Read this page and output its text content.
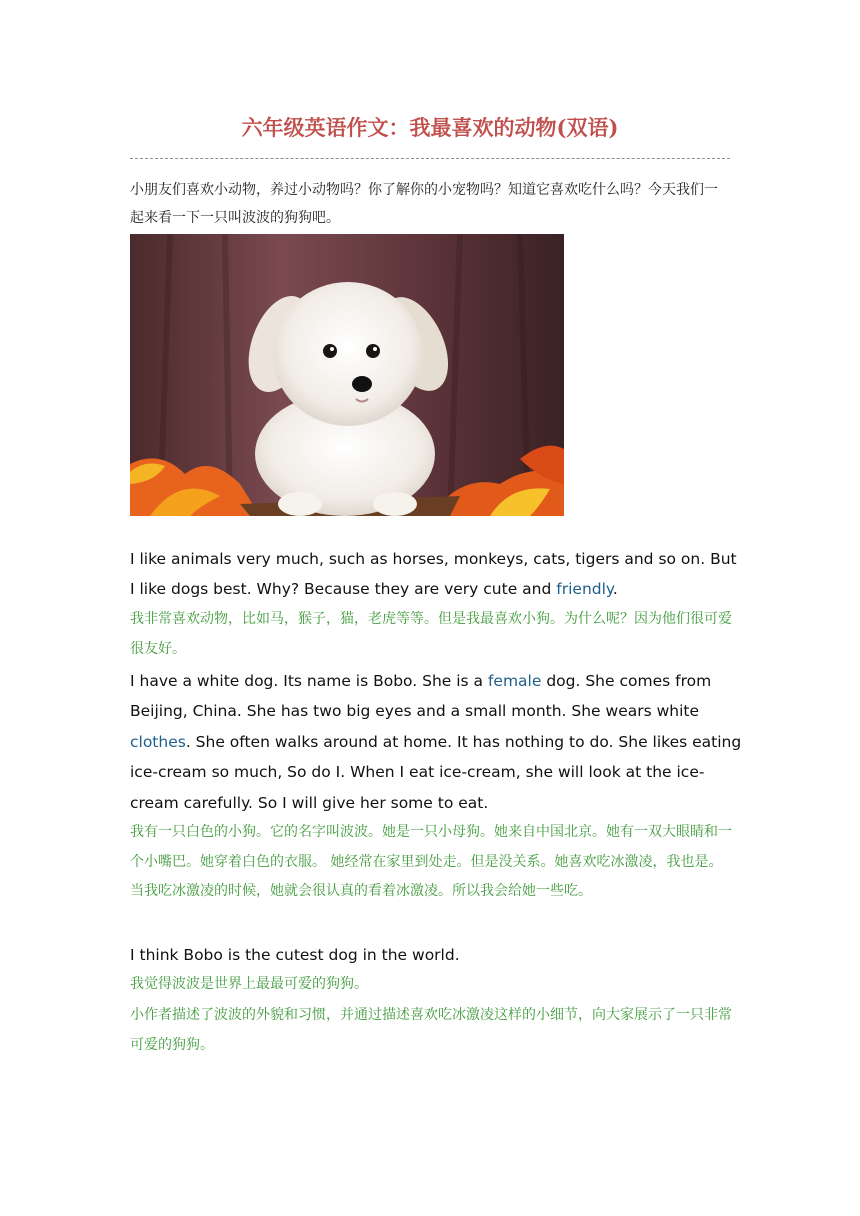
六年级英语作文：我最喜欢的动物(双语)

小朋友们喜欢小动物，养过小动物吗？你了解你的小宠物吗？知道它喜欢吃什么吗？今天我们一起来看一下一只叫波波的狗狗吧。

I like animals very much, such as horses, monkeys, cats, tigers and so on. But I like dogs best. Why? Because they are very cute and friendly.

我非常喜欢动物，比如马，猴子，猫，老虎等等。但是我最喜欢小狗。为什么呢？因为他们很可爱很友好。

I have a white dog. Its name is Bobo. She is a female dog. She comes from Beijing, China. She has two big eyes and a small month. She wears white clothes. She often walks around at home. It has nothing to do. She likes eating ice-cream so much, So do I. When I eat ice-cream, she will look at the ice-cream carefully. So I will give her some to eat.

我有一只白色的小狗。它的名字叫波波。她是一只小母狗。她来自中国北京。她有一双大眼睛和一个小嘴巴。她穿着白色的衣服。 她经常在家里到处走。但是没关系。她喜欢吃冰激凌，我也是。当我吃冰激凌的时候，她就会很认真的看着冰激凌。所以我会给她一些吃。

I think Bobo is the cutest dog in the world.

我觉得波波是世界上最最可爱的狗狗。

小作者描述了波波的外貌和习惯，并通过描述喜欢吃冰激凌这样的小细节，向大家展示了一只非常可爱的狗狗。
